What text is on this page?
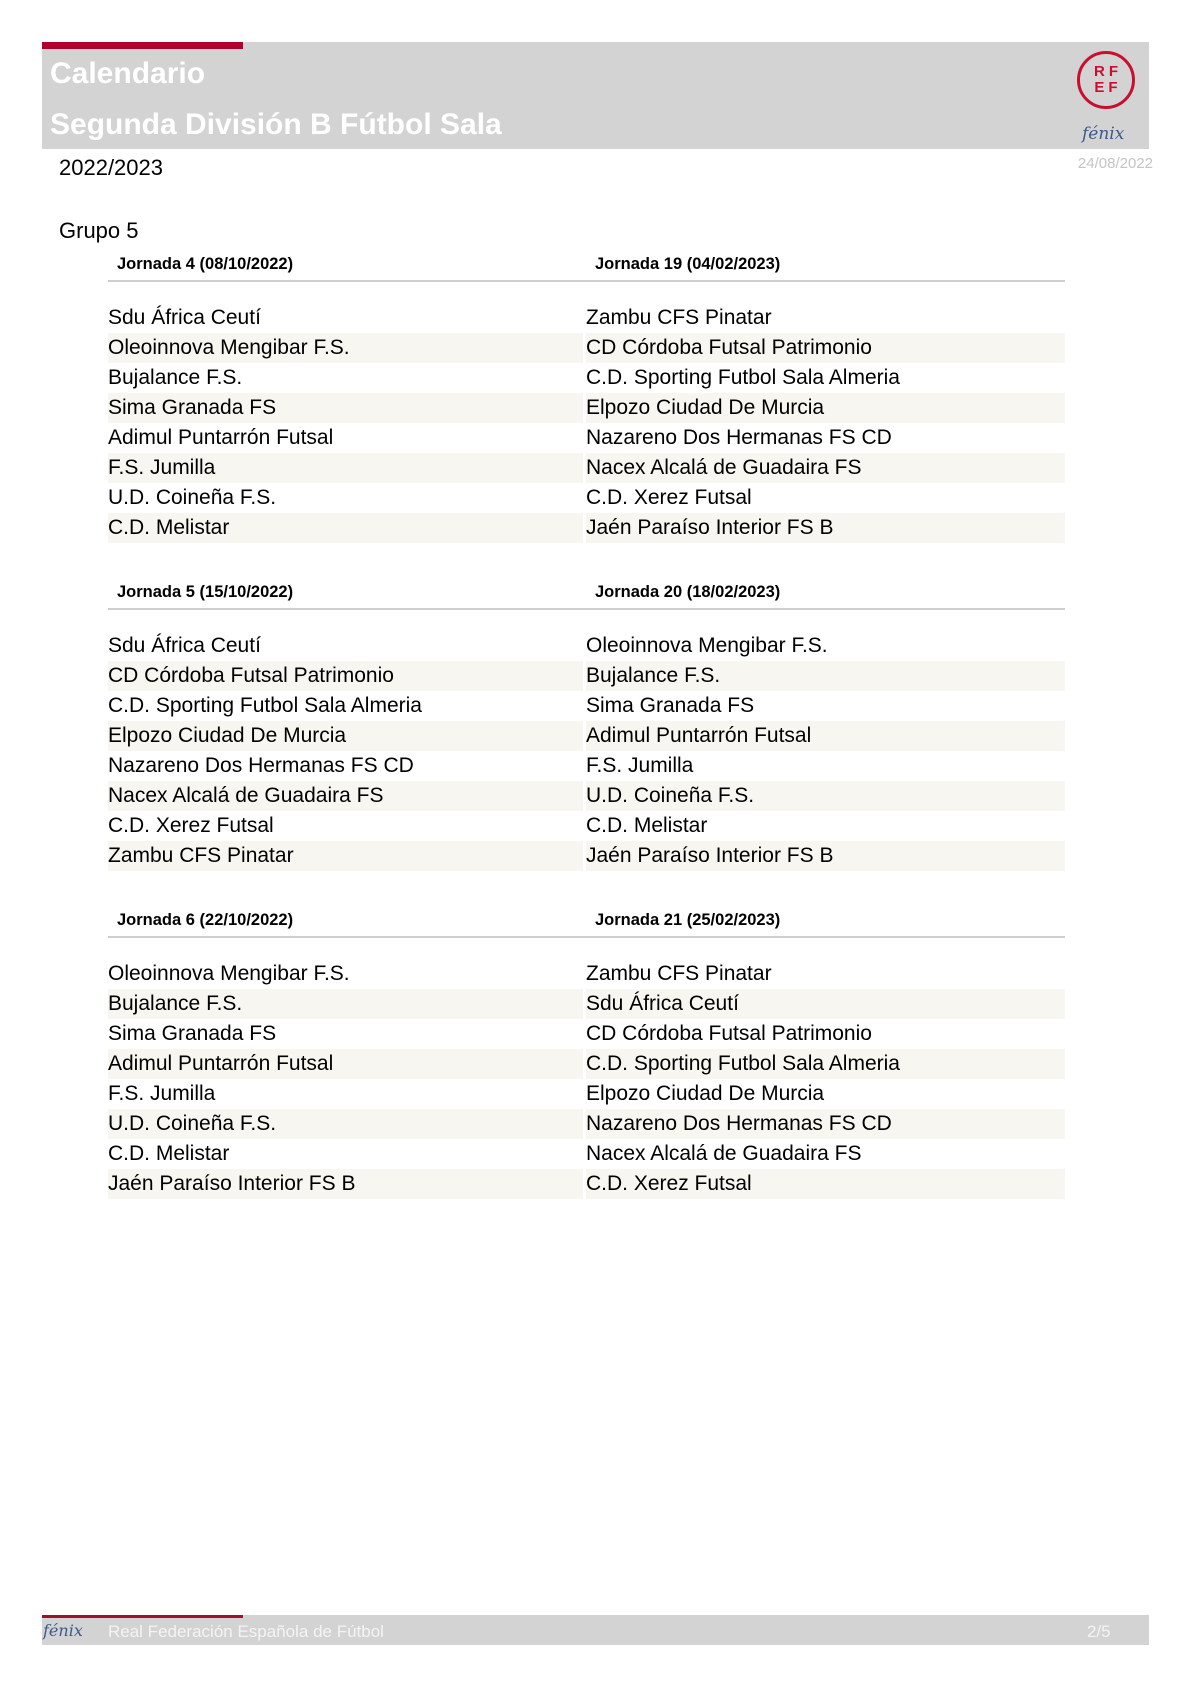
Calendario
Segunda División B Fútbol Sala
RF
EF
fénix
2022/2023	24/08/2022
Grupo 5
Jornada 4 (08/10/2022)	Jornada 19 (04/02/2023)
Sdu África Ceutí	Zambu CFS Pinatar
Oleoinnova Mengibar F.S.	CD Córdoba Futsal Patrimonio
Bujalance F.S.	C.D. Sporting Futbol Sala Almeria
Sima Granada FS	Elpozo Ciudad De Murcia
Adimul Puntarrón Futsal	Nazareno Dos Hermanas FS CD
F.S. Jumilla	Nacex Alcalá de Guadaira FS
U.D. Coineña F.S.	C.D. Xerez Futsal
C.D. Melistar	Jaén Paraíso Interior FS B
Jornada 5 (15/10/2022)	Jornada 20 (18/02/2023)
Sdu África Ceutí	Oleoinnova Mengibar F.S.
CD Córdoba Futsal Patrimonio	Bujalance F.S.
C.D. Sporting Futbol Sala Almeria	Sima Granada FS
Elpozo Ciudad De Murcia	Adimul Puntarrón Futsal
Nazareno Dos Hermanas FS CD	F.S. Jumilla
Nacex Alcalá de Guadaira FS	U.D. Coineña F.S.
C.D. Xerez Futsal	C.D. Melistar
Zambu CFS Pinatar	Jaén Paraíso Interior FS B
Jornada 6 (22/10/2022)	Jornada 21 (25/02/2023)
Oleoinnova Mengibar F.S.	Zambu CFS Pinatar
Bujalance F.S.	Sdu África Ceutí
Sima Granada FS	CD Córdoba Futsal Patrimonio
Adimul Puntarrón Futsal	C.D. Sporting Futbol Sala Almeria
F.S. Jumilla	Elpozo Ciudad De Murcia
U.D. Coineña F.S.	Nazareno Dos Hermanas FS CD
C.D. Melistar	Nacex Alcalá de Guadaira FS
Jaén Paraíso Interior FS B	C.D. Xerez Futsal
fénix Real Federación Española de Fútbol	2/5
